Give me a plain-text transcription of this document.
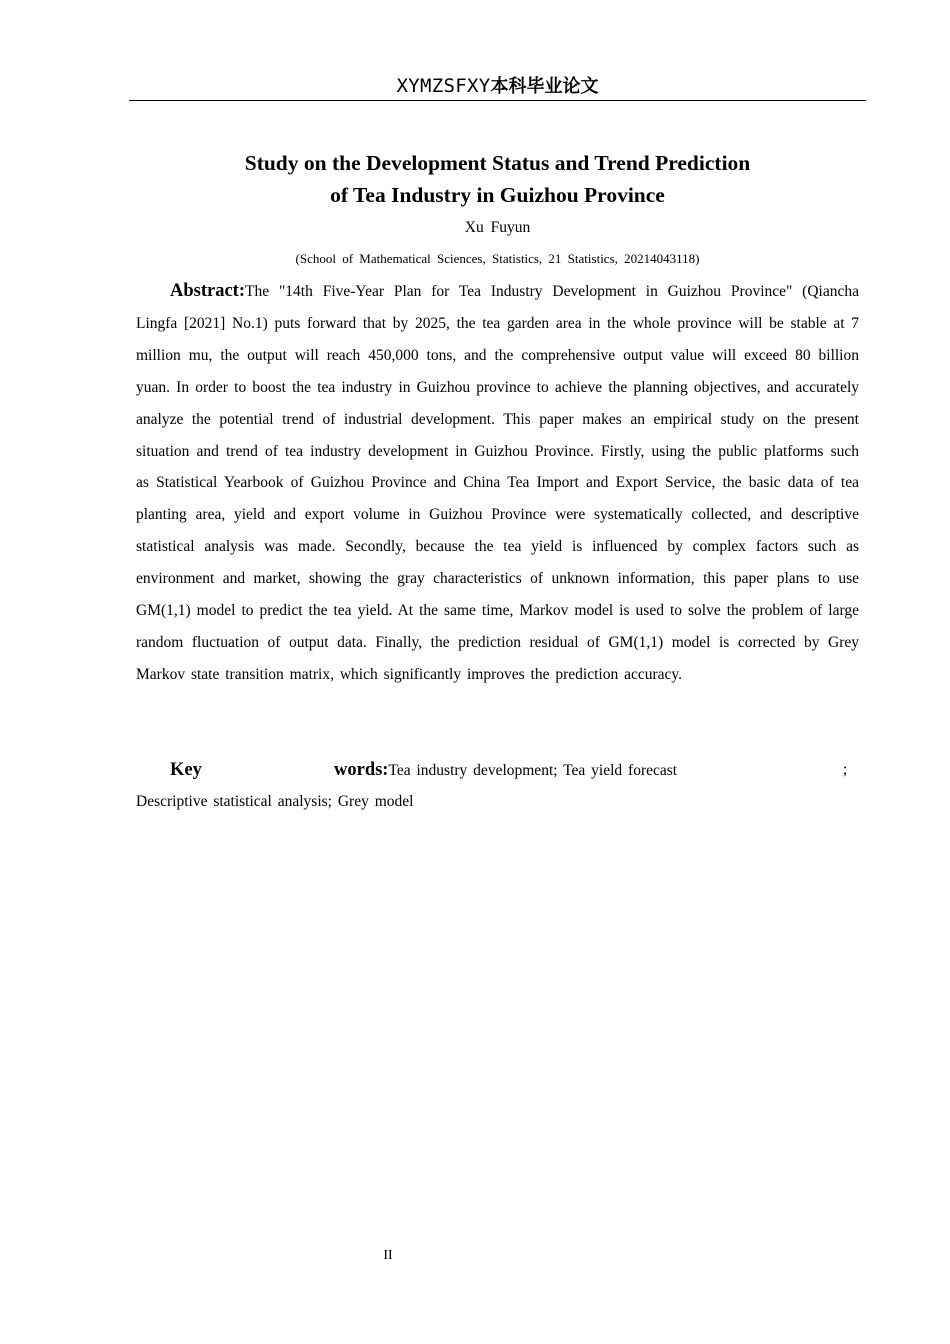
XYMZSFXY本科毕业论文
Study on the Development Status and Trend Prediction
of Tea Industry in Guizhou Province
Xu Fuyun
(School of Mathematical Sciences, Statistics, 21 Statistics, 20214043118)

Abstract:The "14th Five-Year Plan for Tea Industry Development in Guizhou Province" (Qiancha Lingfa [2021] No.1) puts forward that by 2025, the tea garden area in the whole province will be stable at 7 million mu, the output will reach 450,000 tons, and the comprehensive output value will exceed 80 billion yuan. In order to boost the tea industry in Guizhou province to achieve the planning objectives, and accurately analyze the potential trend of industrial development. This paper makes an empirical study on the present situation and trend of tea industry development in Guizhou Province. Firstly, using the public platforms such as Statistical Yearbook of Guizhou Province and China Tea Import and Export Service, the basic data of tea planting area, yield and export volume in Guizhou Province were systematically collected, and descriptive statistical analysis was made. Secondly, because the tea yield is influenced by complex factors such as environment and market, showing the gray characteristics of unknown information, this paper plans to use GM(1,1) model to predict the tea yield. At the same time, Markov model is used to solve the problem of large random fluctuation of output data. Finally, the prediction residual of GM(1,1) model is corrected by Grey Markov state transition matrix, which significantly improves the prediction accuracy.

Key	words:Tea industry development; Tea yield forecast	;
Descriptive statistical analysis; Grey model
II
